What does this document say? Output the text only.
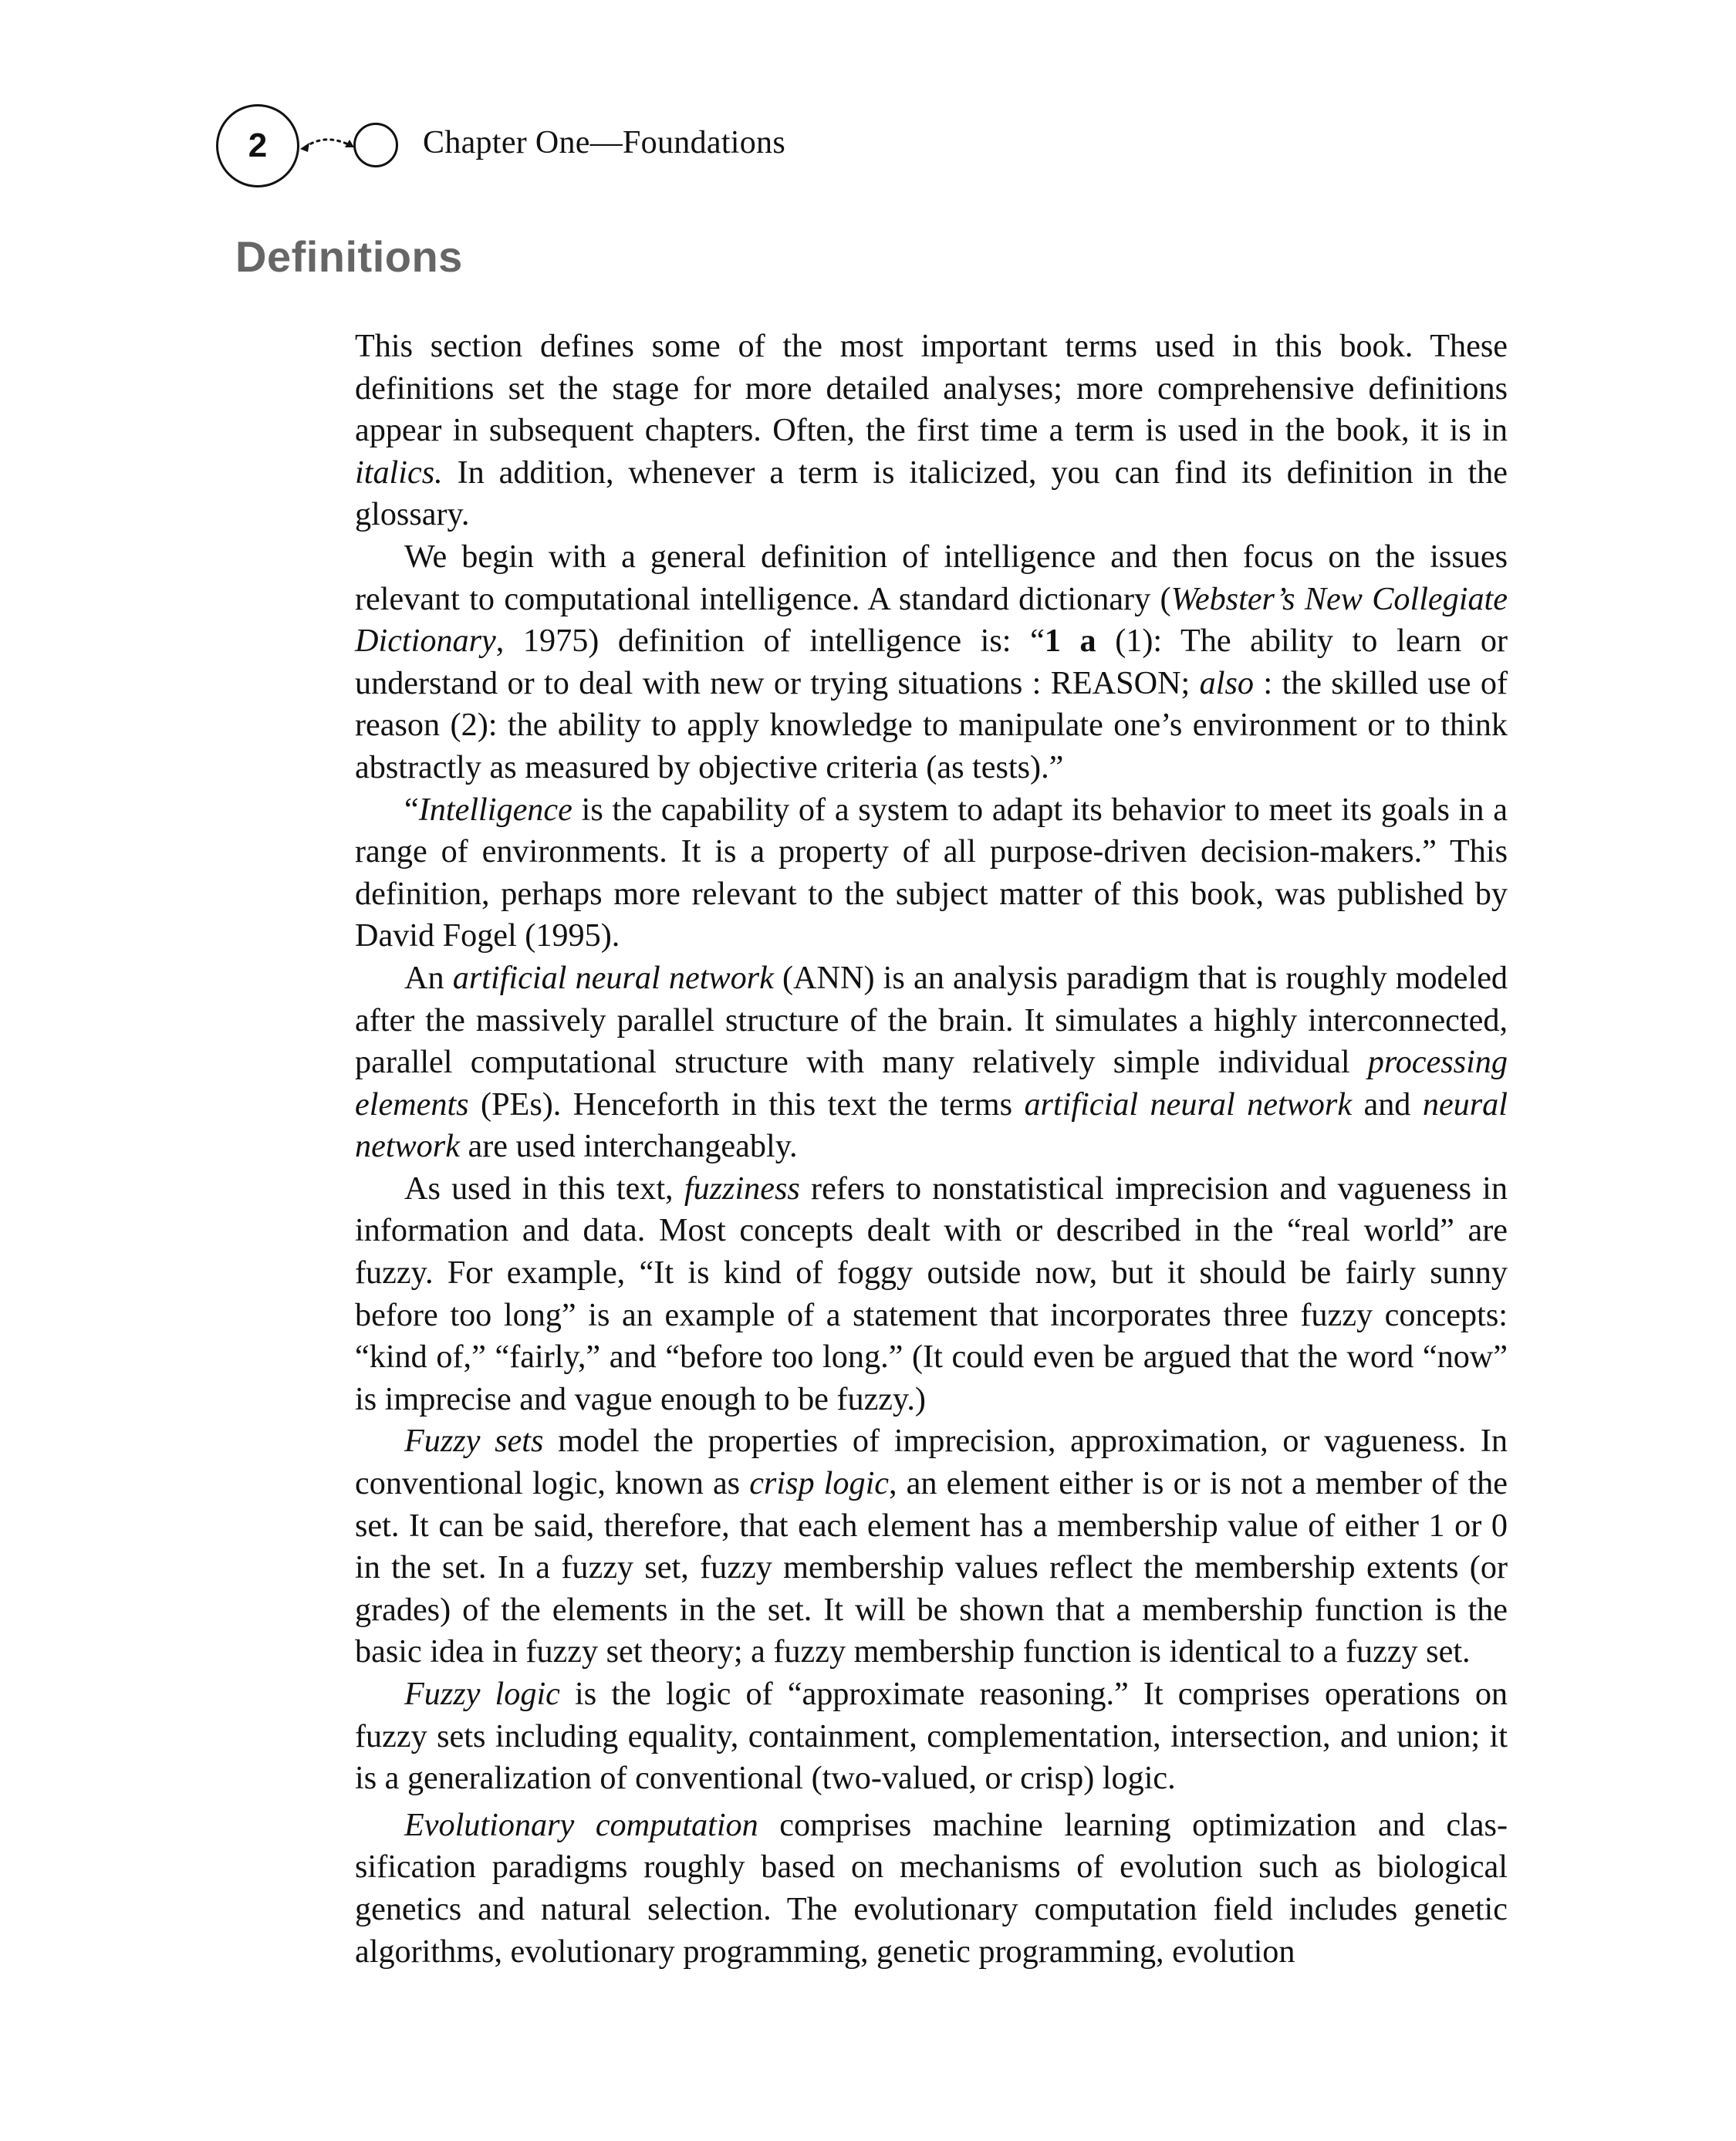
2	Chapter One—Foundations
Definitions

This section defines some of the most important terms used in this book. These definitions set the stage for more detailed analyses; more comprehensive definitions appear in subsequent chapters. Often, the first time a term is used in the book, it is in italics. In addition, whenever a term is italicized, you can find its definition in the glossary.

We begin with a general definition of intelligence and then focus on the issues relevant to computational intelligence. A standard dictionary (Webster’s New Collegiate Dictionary, 1975) definition of intelligence is: “1 a (1): The ability to learn or understand or to deal with new or trying situations : REASON; also : the skilled use of reason (2): the ability to apply knowledge to manipulate one’s environment or to think abstractly as measured by objective criteria (as tests).”

“Intelligence is the capability of a system to adapt its behavior to meet its goals in a range of environments. It is a property of all purpose-driven decision-makers.” This definition, perhaps more relevant to the subject matter of this book, was published by David Fogel (1995).

An artificial neural network (ANN) is an analysis paradigm that is roughly modeled after the massively parallel structure of the brain. It simulates a highly interconnected, parallel computational structure with many relatively simple individual processing elements (PEs). Henceforth in this text the terms artificial neural network and neural network are used interchangeably.

As used in this text, fuzziness refers to nonstatistical imprecision and vagueness in information and data. Most concepts dealt with or described in the “real world” are fuzzy. For example, “It is kind of foggy outside now, but it should be fairly sunny before too long” is an example of a statement that incorporates three fuzzy concepts: “kind of,” “fairly,” and “before too long.” (It could even be argued that the word “now” is imprecise and vague enough to be fuzzy.)

Fuzzy sets model the properties of imprecision, approximation, or vagueness. In conventional logic, known as crisp logic, an element either is or is not a member of the set. It can be said, therefore, that each element has a membership value of either 1 or 0 in the set. In a fuzzy set, fuzzy membership values reflect the membership extents (or grades) of the elements in the set. It will be shown that a membership function is the basic idea in fuzzy set theory; a fuzzy membership function is identical to a fuzzy set.

Fuzzy logic is the logic of “approximate reasoning.” It comprises operations on fuzzy sets including equality, containment, complementation, intersection, and union; it is a generalization of conventional (two-valued, or crisp) logic.

Evolutionary computation comprises machine learning optimization and classification paradigms roughly based on mechanisms of evolution such as biological genetics and natural selection. The evolutionary computation field includes genetic algorithms, evolutionary programming, genetic programming, evolution
